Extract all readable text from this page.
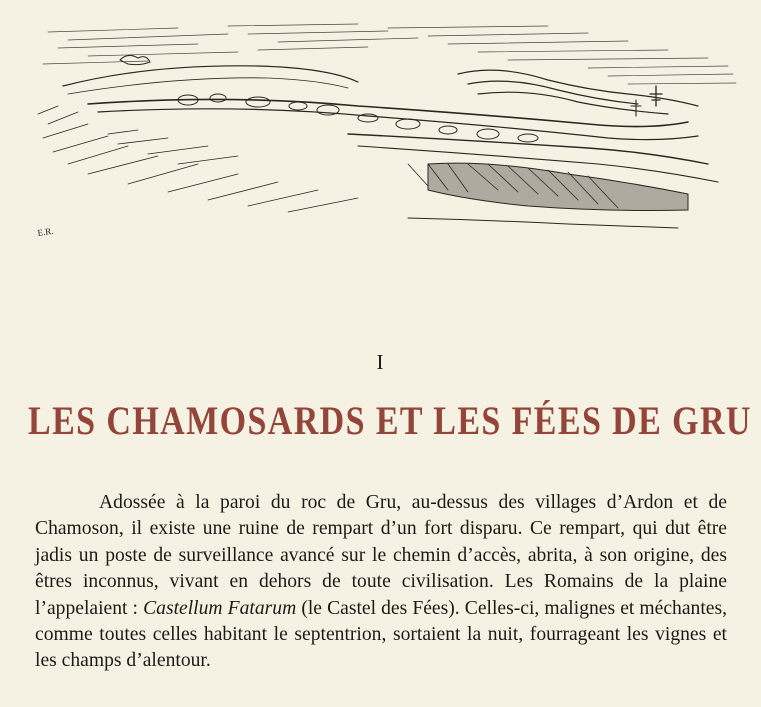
E.R.
I
LES CHAMOSARDS ET LES FÉES DE GRU

Adossée à la paroi du roc de Gru, au-dessus des villages d’Ardon et de Chamoson, il existe une ruine de rempart d’un fort disparu. Ce rempart, qui dut être jadis un poste de surveillance avancé sur le chemin d’accès, abrita, à son origine, des êtres inconnus, vivant en dehors de toute civilisation. Les Romains de la plaine l’appelaient : Castellum Fatarum (le Castel des Fées). Celles-ci, malignes et méchantes, comme toutes celles habitant le septentrion, sortaient la nuit, fourrageant les vignes et les champs d’alentour.
